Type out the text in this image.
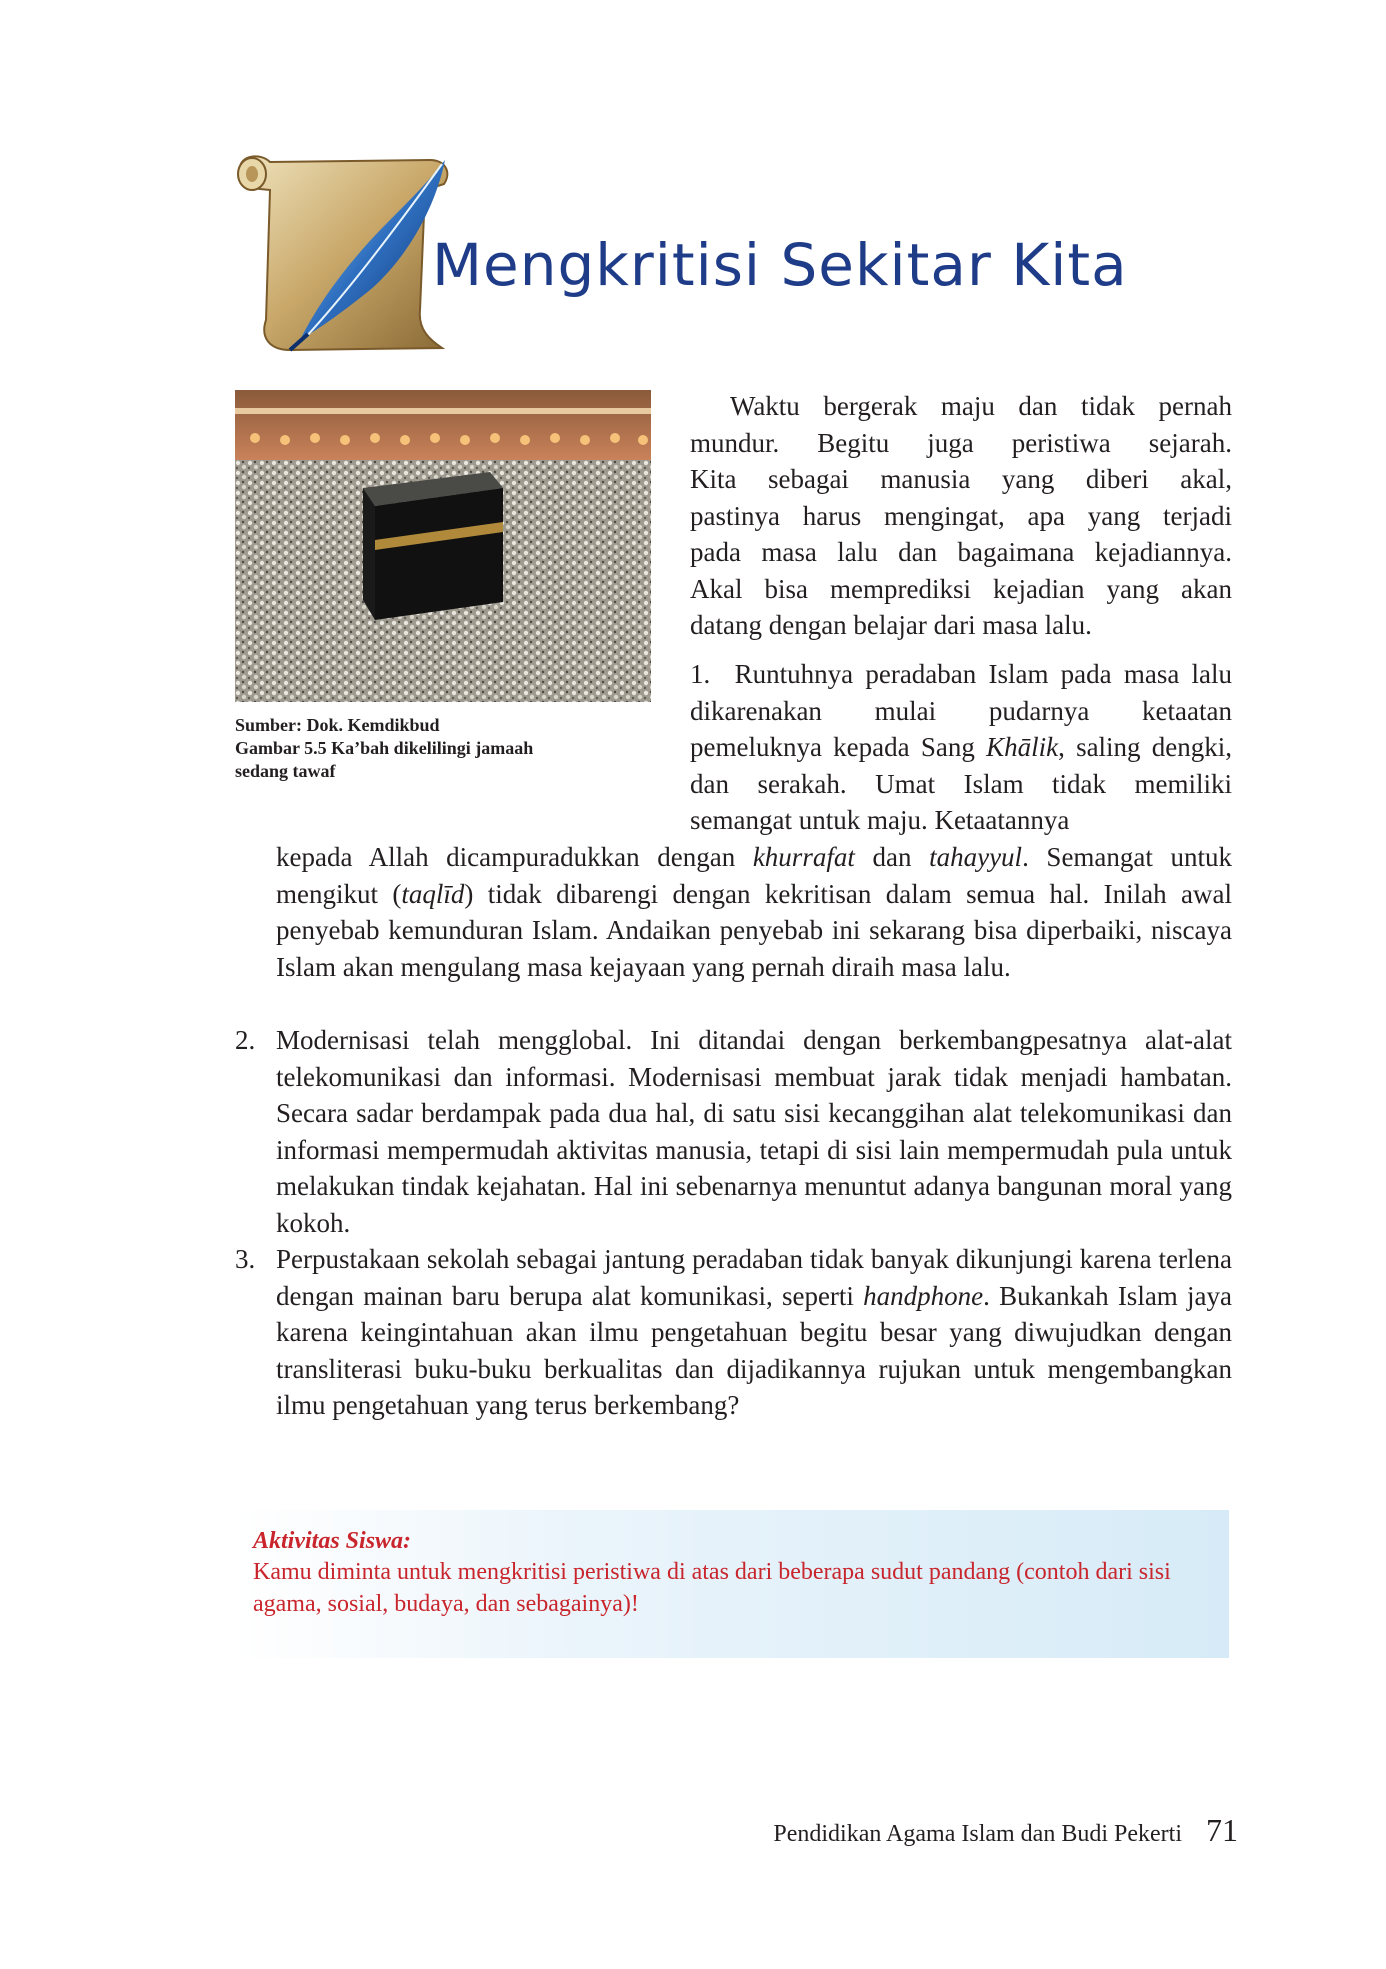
Mengkritisi Sekitar Kita
Sumber: Dok. Kemdikbud
Gambar 5.5 Ka’bah dikelilingi jamaah
sedang tawaf

Waktu bergerak maju dan tidak pernah

mundur. Begitu juga peristiwa sejarah.
Kita sebagai manusia yang diberi akal,
pastinya harus mengingat, apa yang terjadi
pada masa lalu dan bagaimana kejadiannya.
Akal bisa memprediksi kejadian yang akan
datang dengan belajar dari masa lalu.
1. Runtuhnya peradaban Islam pada masa lalu dikarenakan mulai pudarnya ketaatan pemeluknya kepada Sang Khālik, saling dengki, dan serakah. Umat Islam tidak memiliki semangat untuk maju. Ketaatannya
kepada Allah dicampuradukkan dengan khurrafat dan tahayyul. Semangat untuk mengikut (taqlīd) tidak dibarengi dengan kekritisan dalam semua hal. Inilah awal penyebab kemunduran Islam. Andaikan penyebab ini sekarang bisa diperbaiki, niscaya Islam akan mengulang masa kejayaan yang pernah diraih masa lalu.
2. Modernisasi telah mengglobal. Ini ditandai dengan berkembangpesatnya alat-alat telekomunikasi dan informasi. Modernisasi membuat jarak tidak menjadi hambatan. Secara sadar berdampak pada dua hal, di satu sisi kecanggihan alat telekomunikasi dan informasi mempermudah aktivitas manusia, tetapi di sisi lain mempermudah pula untuk melakukan tindak kejahatan. Hal ini sebenarnya menuntut adanya bangunan moral yang kokoh.
3. Perpustakaan sekolah sebagai jantung peradaban tidak banyak dikunjungi karena terlena dengan mainan baru berupa alat komunikasi, seperti handphone. Bukankah Islam jaya karena keingintahuan akan ilmu pengetahuan begitu besar yang diwujudkan dengan transliterasi buku-buku berkualitas dan dijadikannya rujukan untuk mengembangkan ilmu pengetahuan yang terus berkembang?
Aktivitas Siswa:
Kamu diminta untuk mengkritisi peristiwa di atas dari beberapa sudut pandang (contoh dari sisi agama, sosial, budaya, dan sebagainya)!
Pendidikan Agama Islam dan Budi Pekerti 71
